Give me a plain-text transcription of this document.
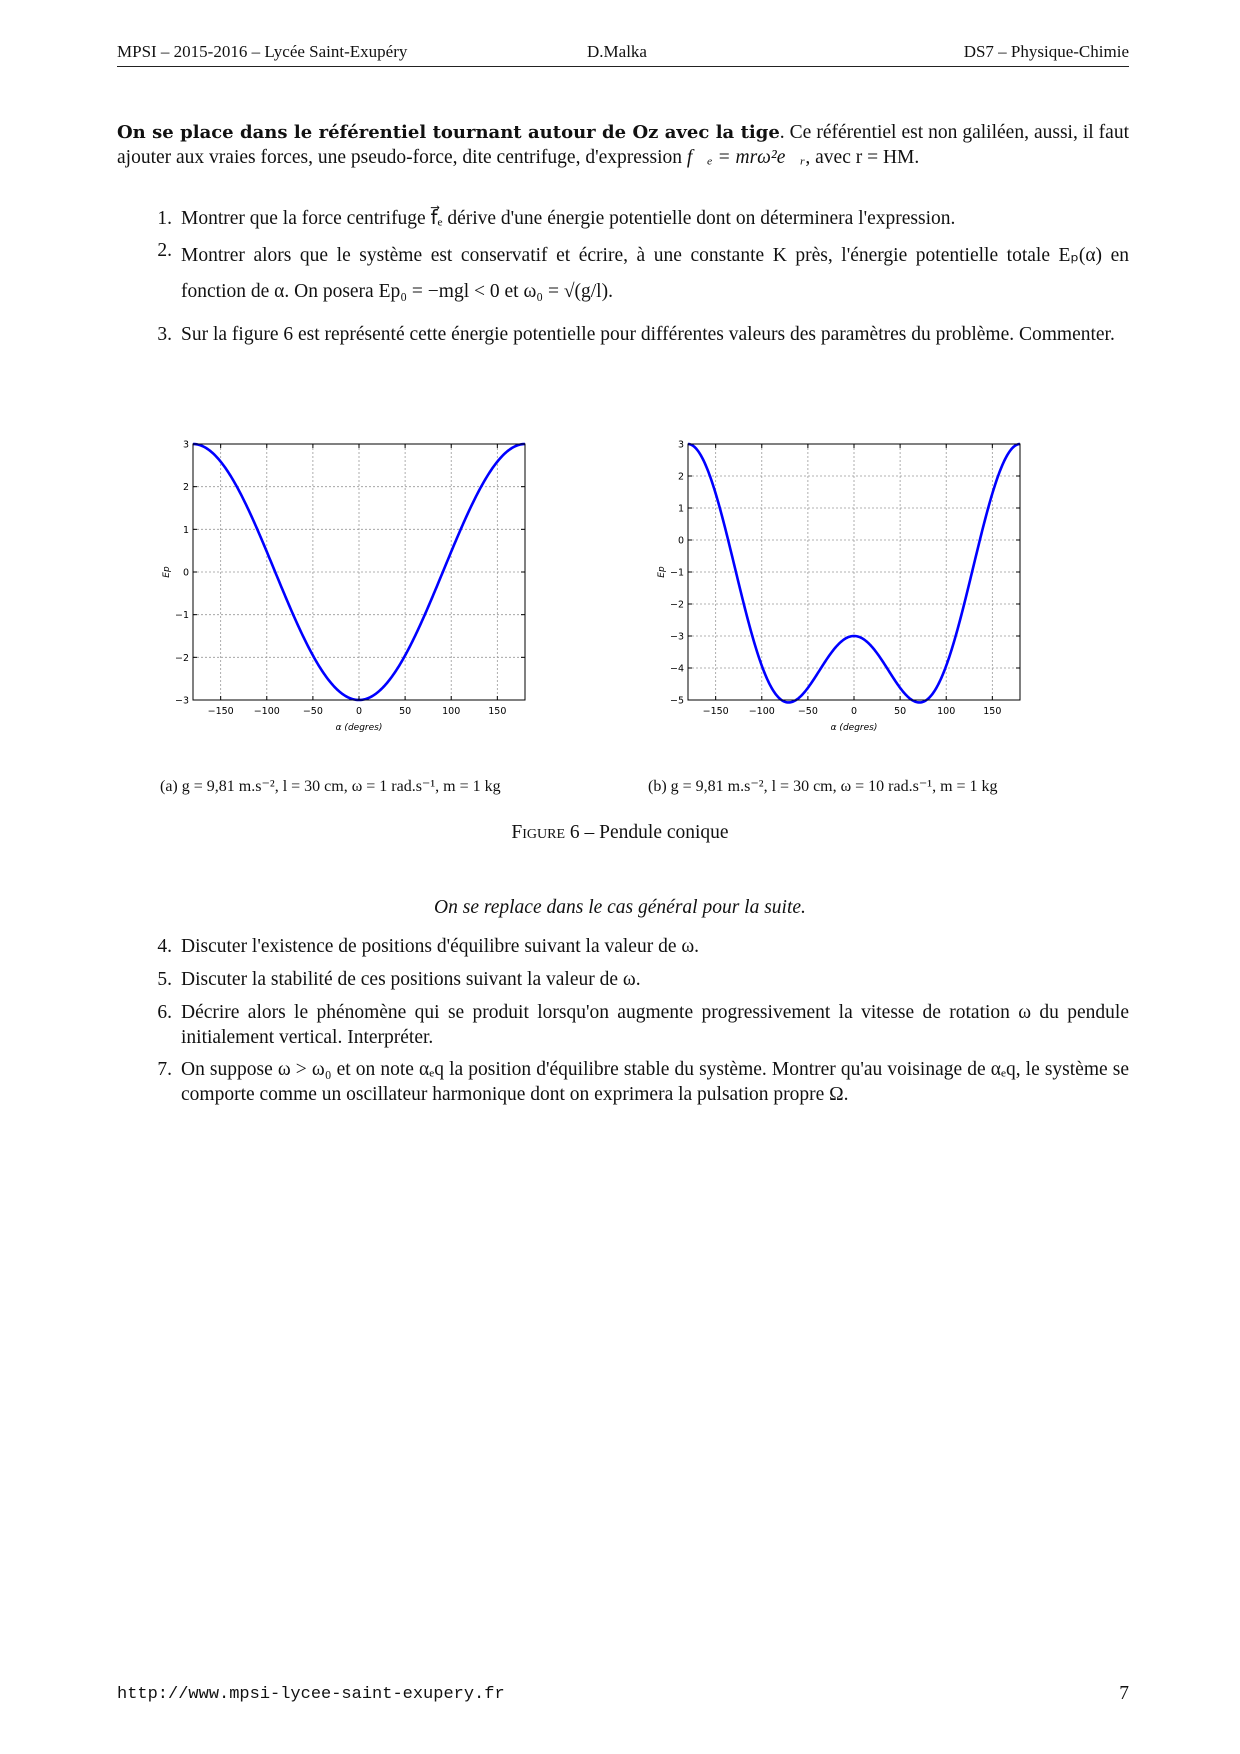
MPSI – 2015-2016 – Lycée Saint-Exupéry	D.Malka	DS7 – Physique-Chimie
On se place dans le référentiel tournant autour de Oz avec la tige. Ce référentiel est non galiléen, aussi, il faut ajouter aux vraies forces, une pseudo-force, dite centrifuge, d'expression f⃗ₑ = mrω²e⃗ᵣ, avec r = HM.
1. Montrer que la force centrifuge f⃗ₑ dérive d'une énergie potentielle dont on déterminera l'expression.
2. Montrer alors que le système est conservatif et écrire, à une constante K près, l'énergie potentielle totale Eₚ(α) en fonction de α. On posera Ep₀ = −mgl < 0 et ω₀ = √(g/l).
3. Sur la figure 6 est représenté cette énergie potentielle pour différentes valeurs des paramètres du problème. Commenter.
−150 −100 −50	0	50	100	150
−3
−2
−1
0
1
2
3
α (degres)
Ep
−150 −100 −50	0	50	100	150
−5
−4
−3
−2
−1
0
1
2
3
α (degres)
Ep
(a) g = 9,81 m.s⁻², l = 30 cm, ω = 1 rad.s⁻¹, m = 1 kg	(b) g = 9,81 m.s⁻², l = 30 cm, ω = 10 rad.s⁻¹, m = 1 kg
Figure 6 – Pendule conique
On se replace dans le cas général pour la suite.
4. Discuter l'existence de positions d'équilibre suivant la valeur de ω.
5. Discuter la stabilité de ces positions suivant la valeur de ω.
6. Décrire alors le phénomène qui se produit lorsqu'on augmente progressivement la vitesse de rotation ω du pendule initialement vertical. Interpréter.
7. On suppose ω > ω₀ et on note αₑq la position d'équilibre stable du système. Montrer qu'au voisinage de αₑq, le système se comporte comme un oscillateur harmonique dont on exprimera la pulsation propre Ω.
http://www.mpsi-lycee-saint-exupery.fr	7
